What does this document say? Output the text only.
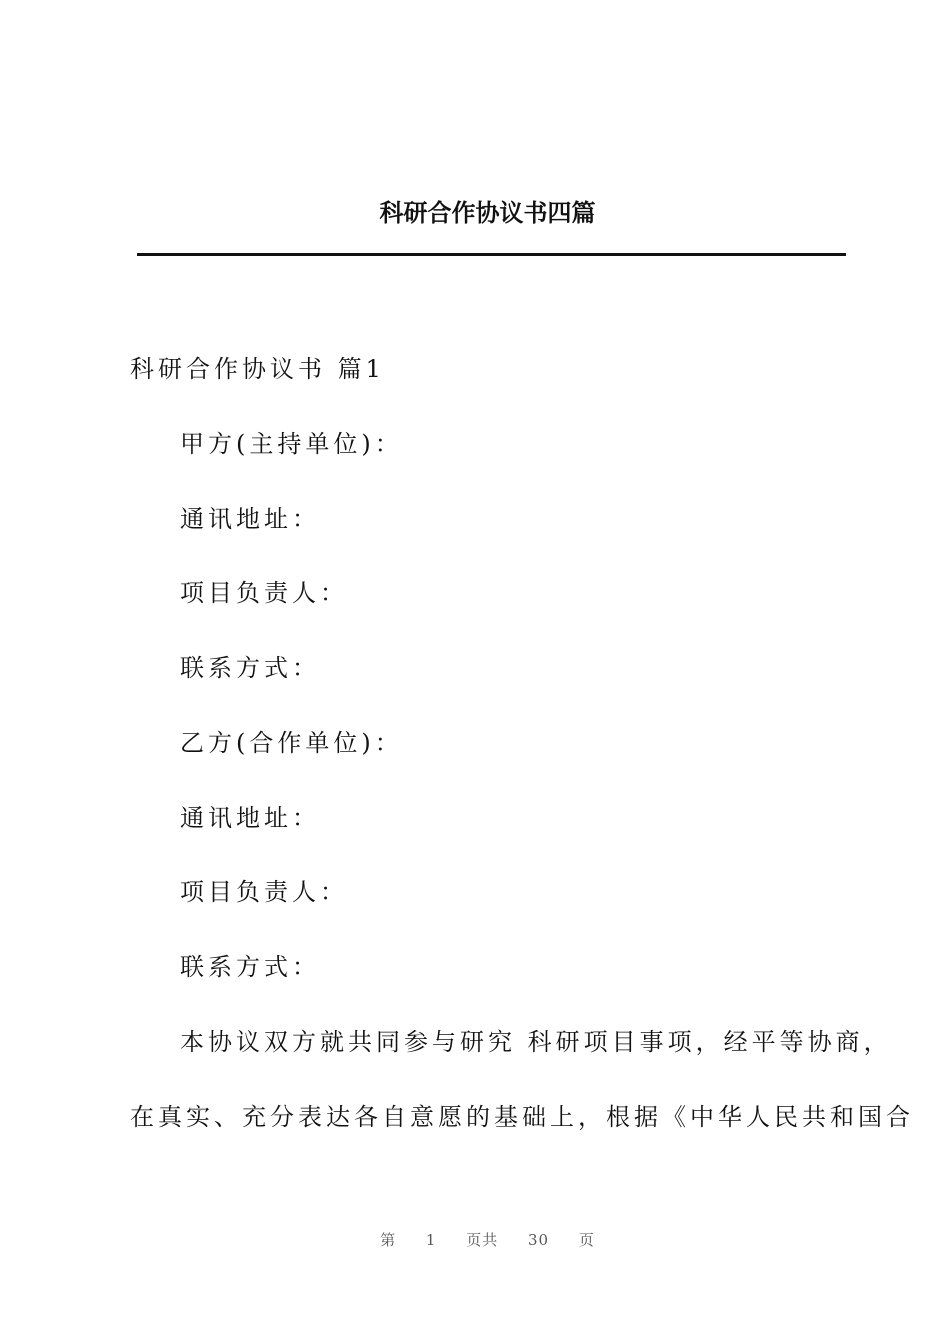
科研合作协议书四篇
科研合作协议书 篇1
甲方(主持单位)：
通讯地址：
项目负责人：
联系方式：
乙方(合作单位)：
通讯地址：
项目负责人：
联系方式：
本协议双方就共同参与研究 科研项目事项，经平等协商，
在真实、充分表达各自意愿的基础上，根据《中华人民共和国合
第 1 页共 30 页
